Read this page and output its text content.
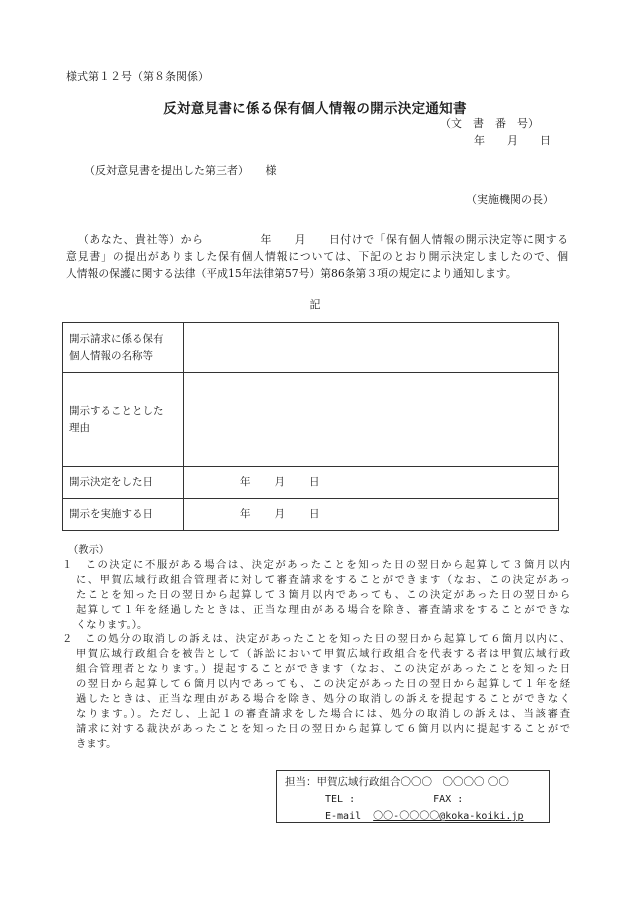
様式第１２号（第８条関係）
反対意見書に係る保有個人情報の開示決定通知書
（文　書　番　号）
年　　月　　日
（反対意見書を提出した第三者）　　様
（実施機関の長）
（あなた、貴社等）から　　　　　年　　月　　日付けで「保有個人情報の開示決定等に関する
意見書」の提出がありました保有個人情報については、下記のとおり開示決定しましたので、個
人情報の保護に関する法律（平成15年法律第57号）第86条第３項の規定により通知します。
記
開示請求に係る保有
個人情報の名称等	

開示することとした
理由	

開示決定をした日	年 月 日
開示を実施する日	年 月 日
（教示）
１　この決定に不服がある場合は、決定があったことを知った日の翌日から起算して３箇月以内
に、甲賀広域行政組合管理者に対して審査請求をすることができます（なお、この決定があっ
たことを知った日の翌日から起算して３箇月以内であっても、この決定があった日の翌日から
起算して１年を経過したときは、正当な理由がある場合を除き、審査請求をすることができな
くなります。）。
２　この処分の取消しの訴えは、決定があったことを知った日の翌日から起算して６箇月以内に、
甲賀広域行政組合を被告として（訴訟において甲賀広域行政組合を代表する者は甲賀広域行政
組合管理者となります。）提起することができます（なお、この決定があったことを知った日
の翌日から起算して６箇月以内であっても、この決定があった日の翌日から起算して１年を経
過したときは、正当な理由がある場合を除き、処分の取消しの訴えを提起することができなく
なります。）。ただし、上記１の審査請求をした場合には、処分の取消しの訴えは、当該審査
請求に対する裁決があったことを知った日の翌日から起算して６箇月以内に提起することがで
きます。
担当：甲賀広域行政組合〇〇〇　〇〇〇〇 〇〇
TEL :	FAX :
E-mail 〇〇-〇〇〇〇@koka-koiki.jp
